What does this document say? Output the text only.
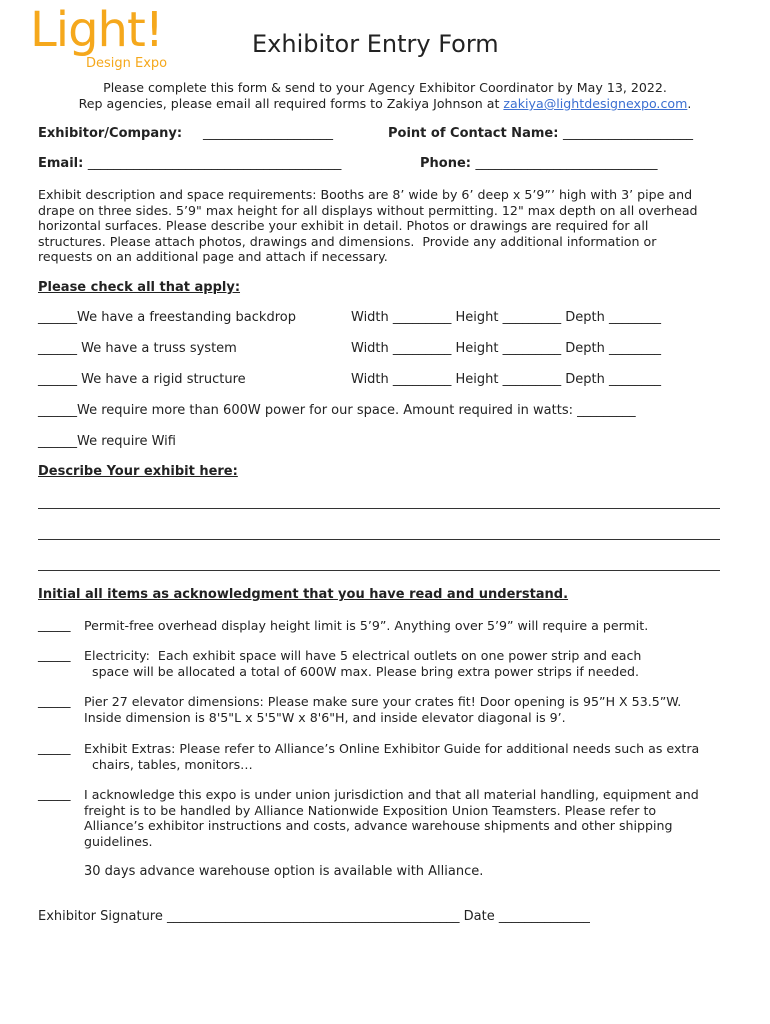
Light!
Design Expo
Exhibitor Entry Form
Please complete this form & send to your Agency Exhibitor Coordinator by May 13, 2022.
Rep agencies, please email all required forms to Zakiya Johnson at zakiya@lightdesignexpo.com.
Exhibitor/Company: ____________________	Point of Contact Name: ____________________
Email: _______________________________________	Phone: ____________________________
Exhibit description and space requirements: Booths are 8’ wide by 6’ deep x 5’9”’ high with 3’ pipe and
drape on three sides. 5’9" max height for all displays without permitting. 12" max depth on all overhead
horizontal surfaces. Please describe your exhibit in detail. Photos or drawings are required for all
structures. Please attach photos, drawings and dimensions.  Provide any additional information or
requests on an additional page and attach if necessary.
Please check all that apply:
______We have a freestanding backdrop	Width _________ Height _________ Depth ________
______ We have a truss system	Width _________ Height _________ Depth ________
______ We have a rigid structure	Width _________ Height _________ Depth ________
______We require more than 600W power for our space. Amount required in watts: _________
______We require Wifi
Describe Your exhibit here:
Initial all items as acknowledgment that you have read and understand.
_____ Permit-free overhead display height limit is 5’9”. Anything over 5’9” will require a permit.
_____ Electricity:  Each exhibit space will have 5 electrical outlets on one power strip and each
space will be allocated a total of 600W max. Please bring extra power strips if needed.
_____ Pier 27 elevator dimensions: Please make sure your crates fit! Door opening is 95”H X 53.5”W.
Inside dimension is 8'5"L x 5'5"W x 8'6"H, and inside elevator diagonal is 9’.
_____ Exhibit Extras: Please refer to Alliance’s Online Exhibitor Guide for additional needs such as extra
chairs, tables, monitors…
_____ I acknowledge this expo is under union jurisdiction and that all material handling, equipment and
freight is to be handled by Alliance Nationwide Exposition Union Teamsters. Please refer to
Alliance’s exhibitor instructions and costs, advance warehouse shipments and other shipping
guidelines.
30 days advance warehouse option is available with Alliance.
Exhibitor Signature _____________________________________________ Date ______________
